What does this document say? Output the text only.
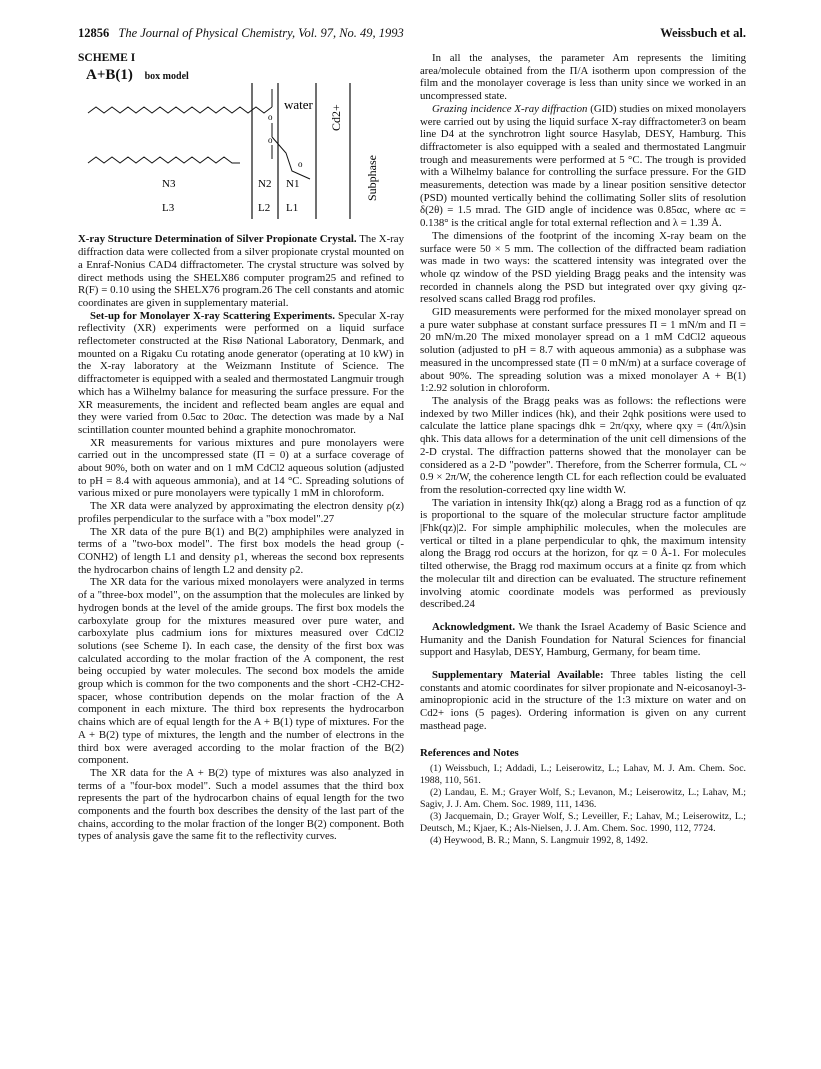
12856 The Journal of Physical Chemistry, Vol. 97, No. 49, 1993	Weissbuch et al.
SCHEME I
A+B(1) box model
o
o
o
water Cd2+
Subphase
N3	N2 N1
L3	L2 L1

X-ray Structure Determination of Silver Propionate Crystal. The X-ray diffraction data were collected from a silver propionate crystal mounted on a Enraf-Nonius CAD4 diffractometer. The crystal structure was solved by direct methods using the SHELX86 computer program25 and refined to R(F) = 0.10 using the SHELX76 program.26 The cell constants and atomic coordinates are given in supplementary material.

Set-up for Monolayer X-ray Scattering Experiments. Specular X-ray reflectivity (XR) experiments were performed on a liquid surface reflectometer constructed at the Risø National Laboratory, Denmark, and mounted on a Rigaku Cu rotating anode generator (operating at 10 kW) in the X-ray laboratory at the Weizmann Institute of Science. The diffractometer is equipped with a sealed and thermostated Langmuir trough which has a Wilhelmy balance for measuring the surface pressure. For the XR measurements, the incident and reflected beam angles are equal and they were varied from 0.5αc to 20αc. The detection was made by a NaI scintillation counter mounted behind a graphite monochromator.

XR measurements for various mixtures and pure monolayers were carried out in the uncompressed state (Π = 0) at a surface coverage of about 90%, both on water and on 1 mM CdCl2 aqueous solution (adjusted to pH = 8.4 with aqueous ammonia), and at 14 °C. Spreading solutions of various mixed or pure monolayers were typically 1 mM in chloroform.

The XR data were analyzed by approximating the electron density ρ(z) profiles perpendicular to the surface with a "box model".27

The XR data of the pure B(1) and B(2) amphiphiles were analyzed in terms of a "two-box model". The first box models the head group (-CONH2) of length L1 and density ρ1, whereas the second box represents the hydrocarbon chains of length L2 and density ρ2.

The XR data for the various mixed monolayers were analyzed in terms of a "three-box model", on the assumption that the molecules are linked by hydrogen bonds at the level of the amide groups. The first box models the carboxylate group for the mixtures measured over pure water, and carboxylate plus cadmium ions for mixtures measured over CdCl2 solutions (see Scheme I). In each case, the density of the first box was calculated according to the molar fraction of the A component, the rest being occupied by water molecules. The second box models the amide group which is common for the two components and the short -CH2-CH2- spacer, whose contribution depends on the molar fraction of the A component in each mixture. The third box represents the hydrocarbon chains which are of equal length for the A + B(1) type of mixtures. For the A + B(2) type of mixtures, the length and the number of electrons in the third box were averaged according to the molar fraction of the B(2) component.

The XR data for the A + B(2) type of mixtures was also analyzed in terms of a "four-box model". Such a model assumes that the third box represents the part of the hydrocarbon chains of equal length for the two components and the fourth box describes the density of the last part of the chains, according to the molar fraction of the longer B(2) component. Both types of analysis gave the same fit to the reflectivity curves.

In all the analyses, the parameter Am represents the limiting area/molecule obtained from the Π/A isotherm upon compression of the film and the monolayer coverage is less than unity since we worked in an uncompressed state.

Grazing incidence X-ray diffraction (GID) studies on mixed monolayers were carried out by using the liquid surface X-ray diffractometer3 on beam line D4 at the synchrotron light source Hasylab, DESY, Hamburg. This diffractometer is also equipped with a sealed and thermostated Langmuir trough and measurements were performed at 5 °C. The trough is provided with a Wilhelmy balance for controlling the surface pressure. For the GID measurements, detection was made by a linear position sensitive detector (PSD) mounted vertically behind the collimating Soller slits of resolution δ(2θ) = 1.5 mrad. The GID angle of incidence was 0.85αc, where αc = 0.138° is the critical angle for total external reflection and λ = 1.39 Å.

The dimensions of the footprint of the incoming X-ray beam on the surface were 50 × 5 mm. The collection of the diffracted beam radiation was made in two ways: the scattered intensity was integrated over the whole qz window of the PSD yielding Bragg peaks and the intensity was recorded in channels along the PSD but integrated over qxy giving qz-resolved scans called Bragg rod profiles.

GID measurements were performed for the mixed monolayer spread on a pure water subphase at constant surface pressures Π = 1 mN/m and Π = 20 mN/m.20 The mixed monolayer spread on a 1 mM CdCl2 aqueous solution (adjusted to pH = 8.7 with aqueous ammonia) as a subphase was measured in the uncompressed state (Π = 0 mN/m) at a surface coverage of about 90%. The spreading solution was a mixed monolayer A + B(1) 1:2.92 solution in chloroform.

The analysis of the Bragg peaks was as follows: the reflections were indexed by two Miller indices (hk), and their 2qhk positions were used to calculate the lattice plane spacings dhk = 2π/qxy, where qxy = (4π/λ)sin qhk. This data allows for a determination of the unit cell dimensions of the 2-D crystal. The diffraction patterns showed that the monolayer can be considered as a 2-D "powder". Therefore, from the Scherrer formula, CL ~ 0.9 × 2π/W, the coherence length CL for each reflection could be evaluated from the resolution-corrected qxy line width W.

The variation in intensity Ihk(qz) along a Bragg rod as a function of qz is proportional to the square of the molecular structure factor amplitude |Fhk(qz)|2. For simple amphiphilic molecules, when the molecules are vertical or tilted in a plane perpendicular to qhk, the maximum intensity along the Bragg rod occurs at the horizon, for qz = 0 Å-1. For molecules tilted otherwise, the Bragg rod maximum occurs at a finite qz from which the molecular tilt and direction can be evaluated. The structure refinement involving atomic coordinate models was performed as previously described.24

Acknowledgment. We thank the Israel Academy of Basic Science and Humanity and the Danish Foundation for Natural Sciences for financial support and Hasylab, DESY, Hamburg, Germany, for beam time.

Supplementary Material Available: Three tables listing the cell constants and atomic coordinates for silver propionate and N-eicosanoyl-3-aminopropionic acid in the structure of the 1:3 mixture on water and on Cd2+ ions (5 pages). Ordering information is given on any current masthead page.

References and Notes

(1) Weissbuch, I.; Addadi, L.; Leiserowitz, L.; Lahav, M. J. Am. Chem. Soc. 1988, 110, 561.

(2) Landau, E. M.; Grayer Wolf, S.; Levanon, M.; Leiserowitz, L.; Lahav, M.; Sagiv, J. J. Am. Chem. Soc. 1989, 111, 1436.

(3) Jacquemain, D.; Grayer Wolf, S.; Leveiller, F.; Lahav, M.; Leiserowitz, L.; Deutsch, M.; Kjaer, K.; Als-Nielsen, J. J. Am. Chem. Soc. 1990, 112, 7724.

(4) Heywood, B. R.; Mann, S. Langmuir 1992, 8, 1492.
